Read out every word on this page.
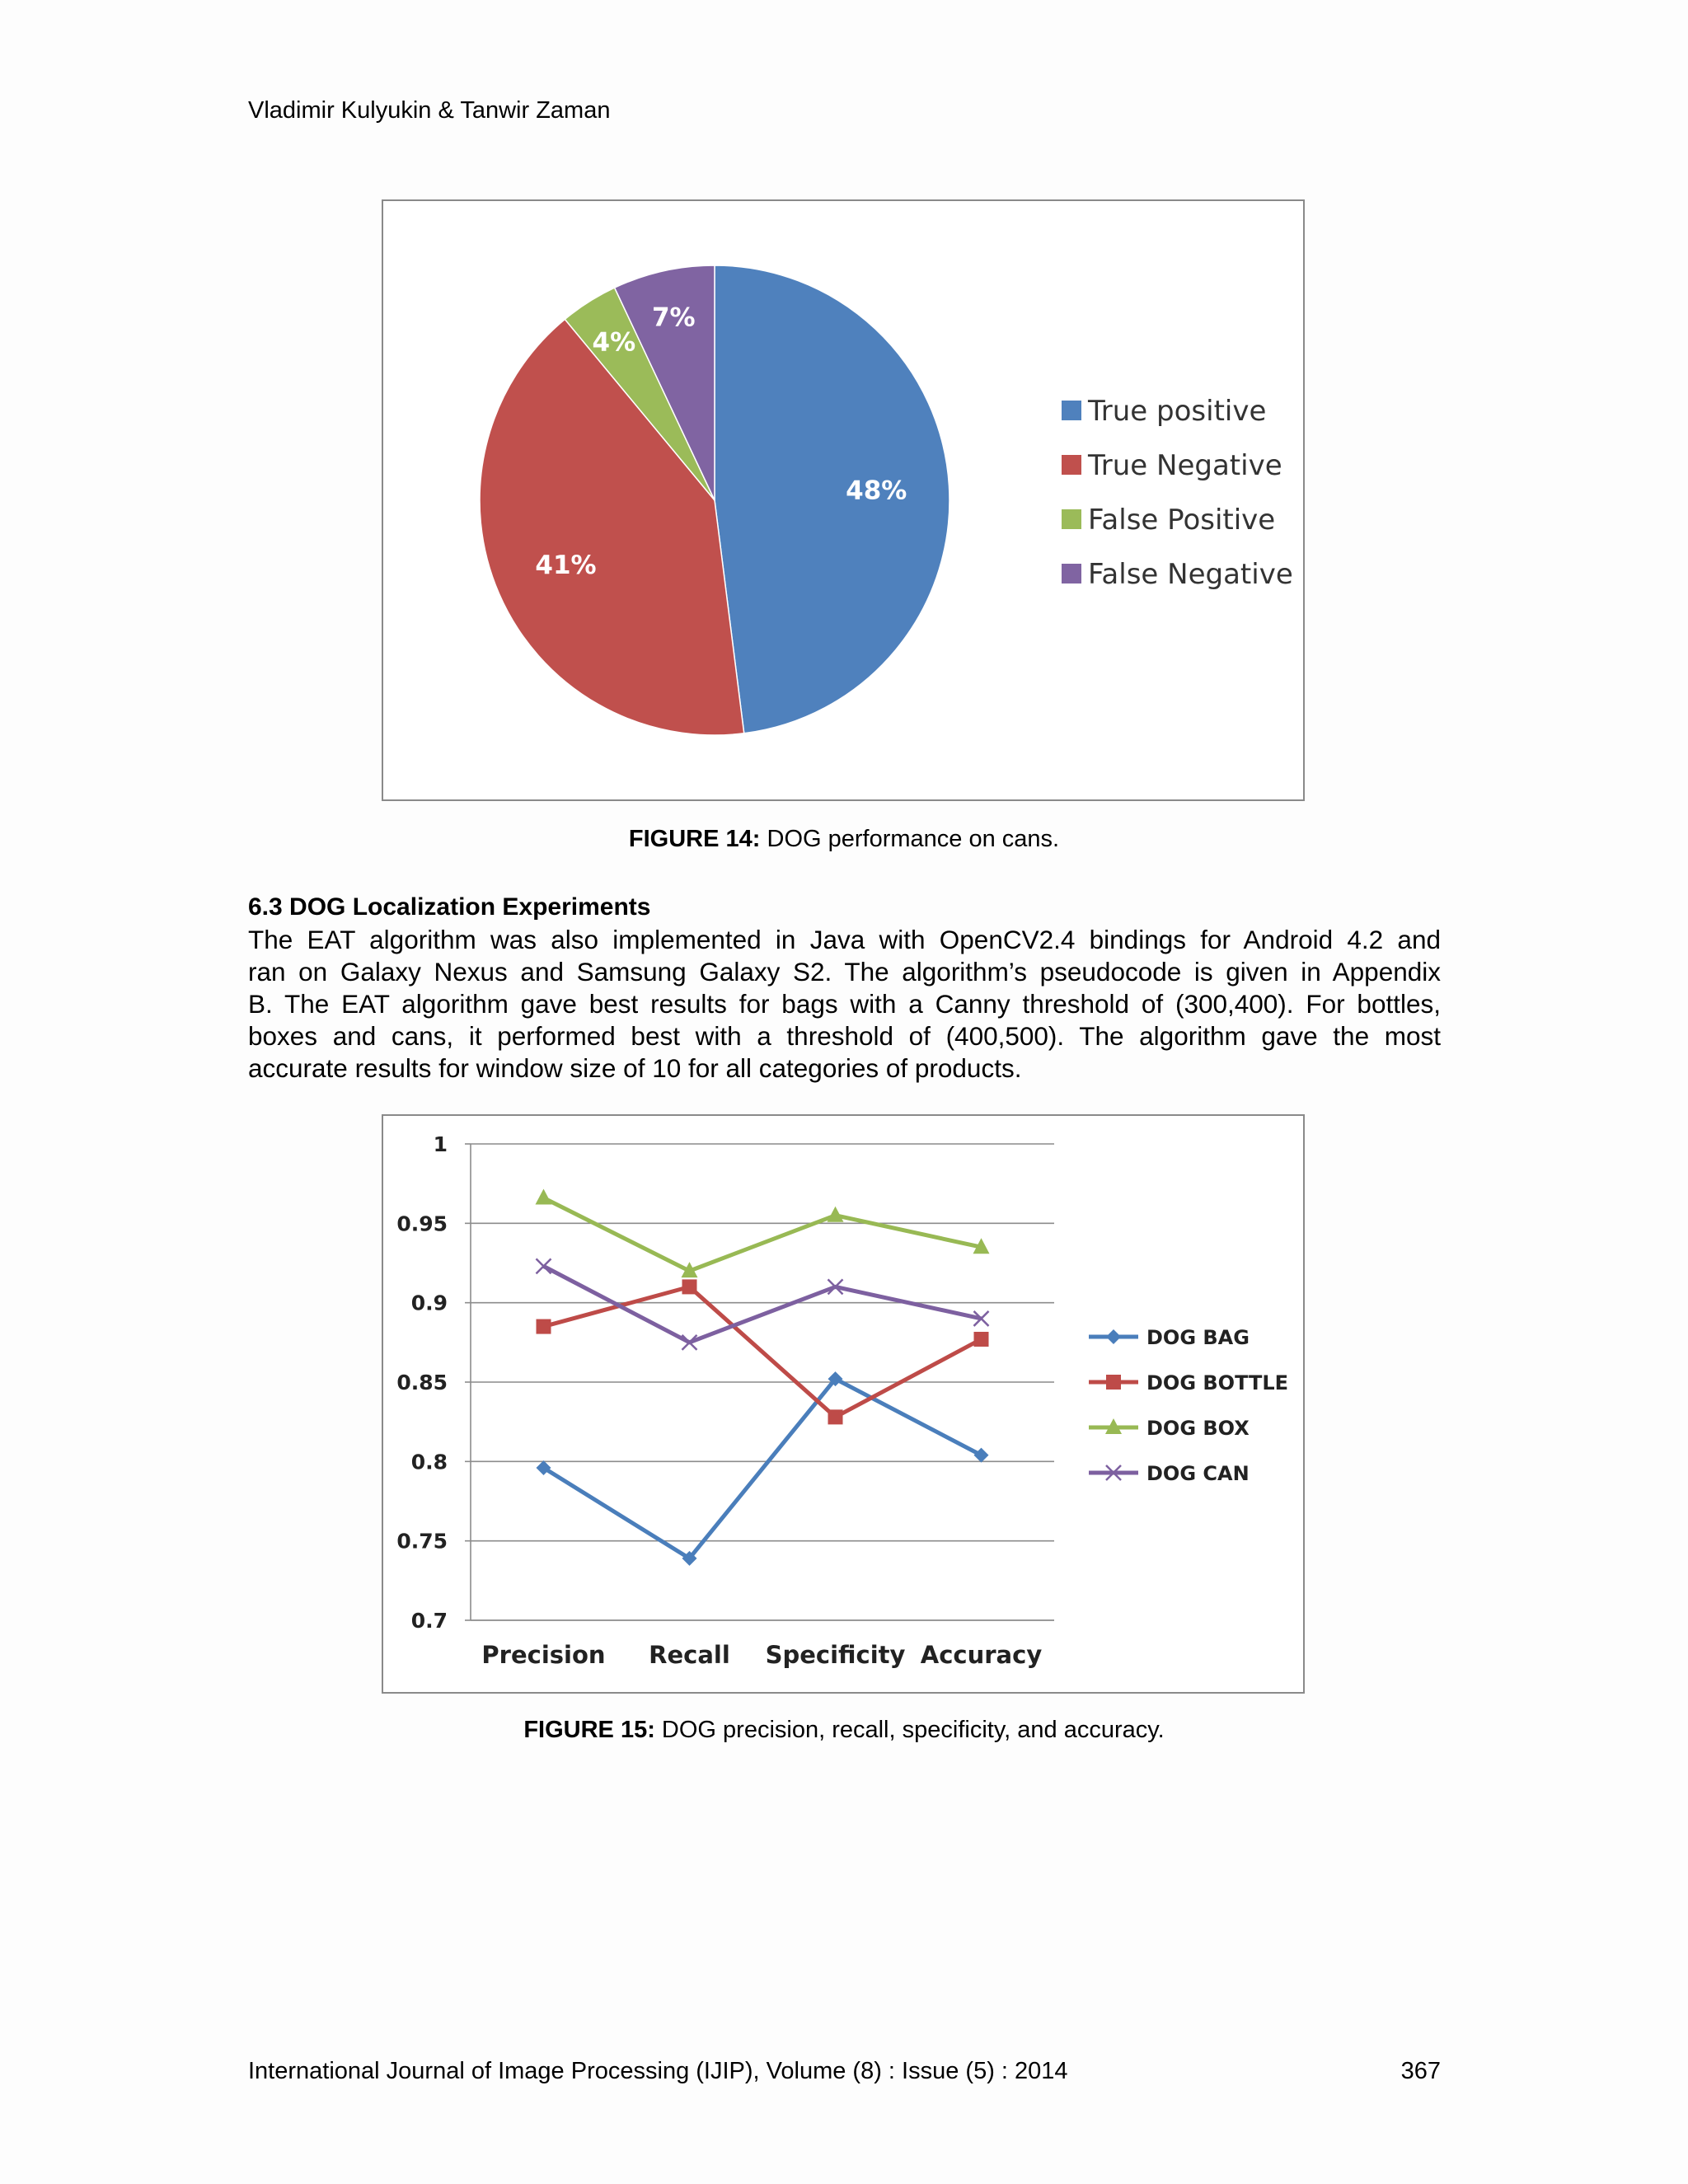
Vladimir Kulyukin & Tanwir Zaman
48%
41%
4%
7%
True positive
True Negative
False Positive
False Negative
FIGURE 14: DOG performance on cans.
6.3 DOG Localization Experiments
The EAT algorithm was also implemented in Java with OpenCV2.4 bindings for Android 4.2 and
ran on Galaxy Nexus and Samsung Galaxy S2. The algorithm’s pseudocode is given in Appendix
B. The EAT algorithm gave best results for bags with a Canny threshold of (300,400). For bottles,
boxes and cans, it performed best with a threshold of (400,500). The algorithm gave the most
accurate results for window size of 10 for all categories of products.
1
0.95
0.9
0.85
0.8
0.75
0.7
Precision Recall Specificity Accuracy
DOG BAG
DOG BOTTLE
DOG BOX
DOG CAN
FIGURE 15: DOG precision, recall, specificity, and accuracy.
International Journal of Image Processing (IJIP), Volume (8) : Issue (5) : 2014	367
